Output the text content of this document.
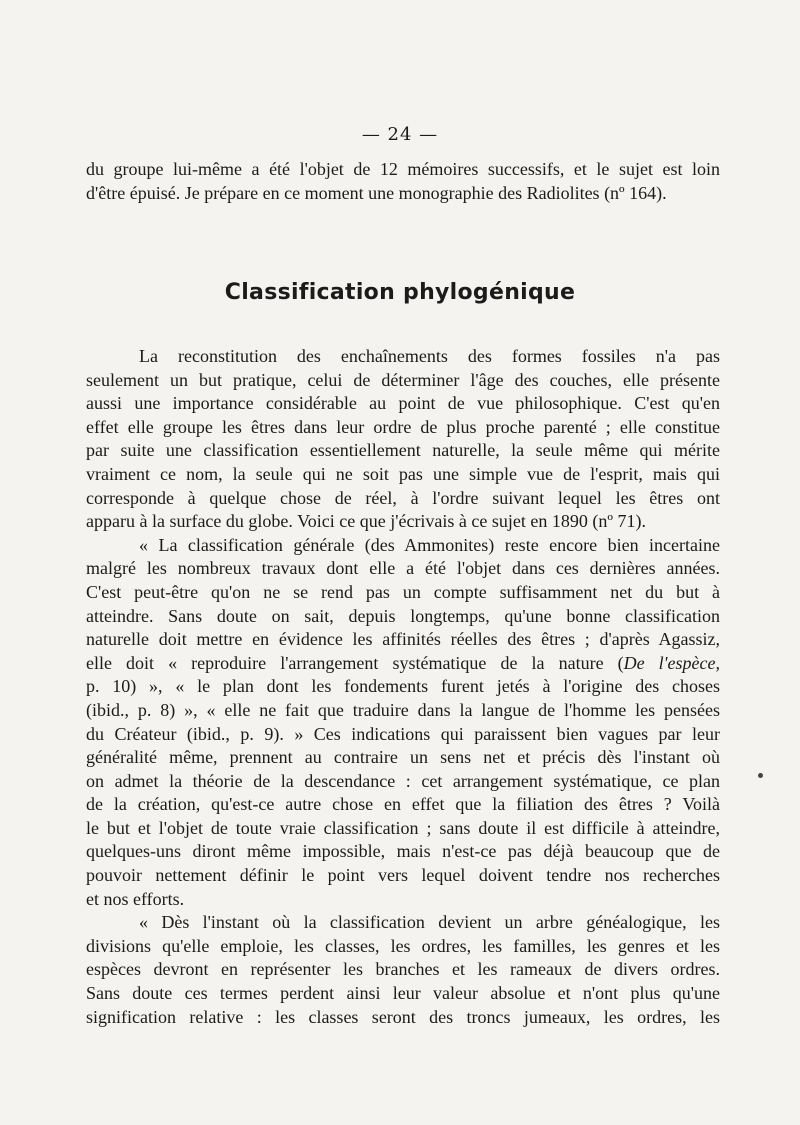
— 24 —
du groupe lui-même a été l'objet de 12 mémoires successifs, et le sujet est loin
d'être épuisé. Je prépare en ce moment une monographie des Radiolites (nº 164).
Classification phylogénique
La reconstitution des enchaînements des formes fossiles n'a pas
seulement un but pratique, celui de déterminer l'âge des couches, elle présente
aussi une importance considérable au point de vue philosophique. C'est qu'en
effet elle groupe les êtres dans leur ordre de plus proche parenté ; elle constitue
par suite une classification essentiellement naturelle, la seule même qui mérite
vraiment ce nom, la seule qui ne soit pas une simple vue de l'esprit, mais qui
corresponde à quelque chose de réel, à l'ordre suivant lequel les êtres ont
apparu à la surface du globe. Voici ce que j'écrivais à ce sujet en 1890 (nº 71).
« La classification générale (des Ammonites) reste encore bien incertaine
malgré les nombreux travaux dont elle a été l'objet dans ces dernières années.
C'est peut-être qu'on ne se rend pas un compte suffisamment net du but à
atteindre. Sans doute on sait, depuis longtemps, qu'une bonne classification
naturelle doit mettre en évidence les affinités réelles des êtres ; d'après Agassiz,
elle doit « reproduire l'arrangement systématique de la nature (De l'espèce,
p. 10) », « le plan dont les fondements furent jetés à l'origine des choses
(ibid., p. 8) », « elle ne fait que traduire dans la langue de l'homme les pensées
du Créateur (ibid., p. 9). » Ces indications qui paraissent bien vagues par leur
généralité même, prennent au contraire un sens net et précis dès l'instant où
on admet la théorie de la descendance : cet arrangement systématique, ce plan
de la création, qu'est-ce autre chose en effet que la filiation des êtres ? Voilà
le but et l'objet de toute vraie classification ; sans doute il est difficile à atteindre,
quelques-uns diront même impossible, mais n'est-ce pas déjà beaucoup que de
pouvoir nettement définir le point vers lequel doivent tendre nos recherches
et nos efforts.
« Dès l'instant où la classification devient un arbre généalogique, les
divisions qu'elle emploie, les classes, les ordres, les familles, les genres et les
espèces devront en représenter les branches et les rameaux de divers ordres.
Sans doute ces termes perdent ainsi leur valeur absolue et n'ont plus qu'une
signification relative : les classes seront des troncs jumeaux, les ordres, les
